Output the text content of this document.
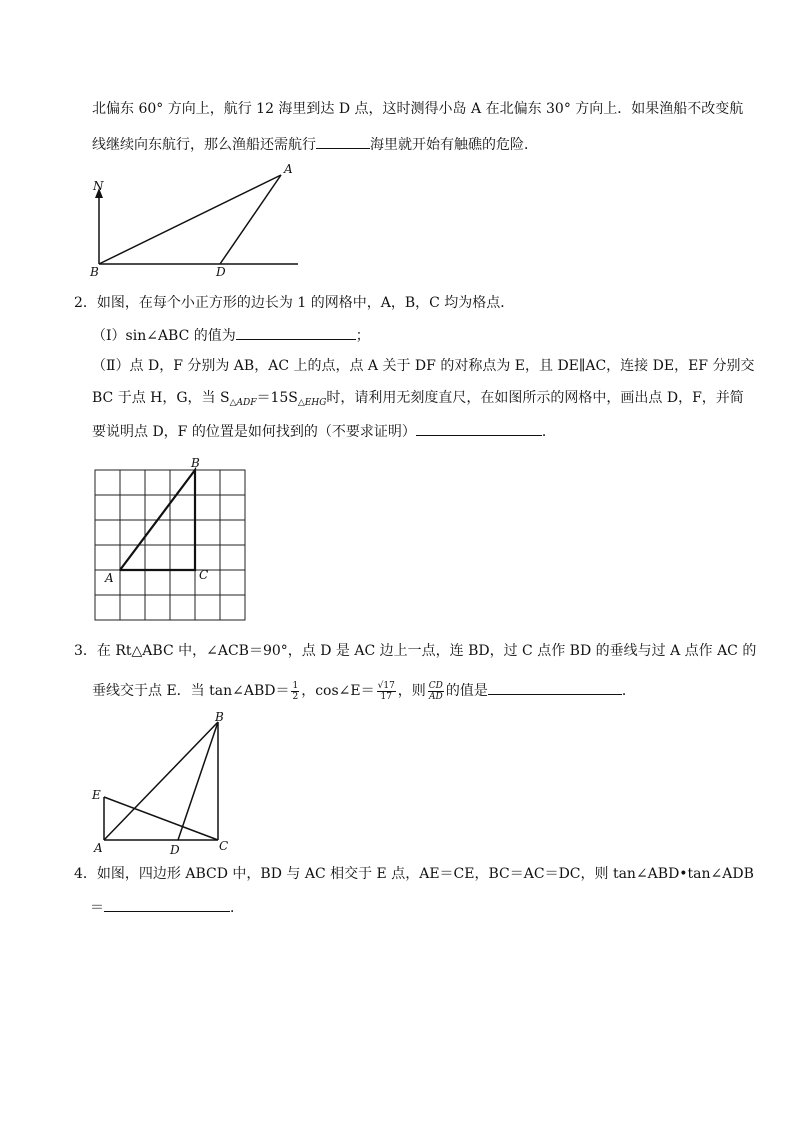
北偏东 60° 方向上，航行 12 海里到达 D 点，这时测得小岛 A 在北偏东 30° 方向上．如果渔船不改变航
线继续向东航行，那么渔船还需航行	海里就开始有触礁的危险．
N
A
B	D
2．如图，在每个小正方形的边长为 1 的网格中，A，B，C 均为格点．
（Ⅰ）sin∠ABC 的值为	；
（Ⅱ）点 D，F 分别为 AB，AC 上的点，点 A 关于 DF 的对称点为 E，且 DE∥AC，连接 DE，EF 分别交
BC 于点 H，G，当 $S_{\triangle ADF}=15S_{\triangle EHG}$时，请利用无刻度直尺，在如图所示的网格中，画出点 D，F，并简
要说明点 D，F 的位置是如何找到的（不要求证明）	．
B
A	C
3．在 Rt△ABC 中，∠ACB＝90°，点 D 是 AC 边上一点，连 BD，过 C 点作 BD 的垂线与过 A 点作 AC 的
垂线交于点 E．当 tan∠ABD＝ $\frac{1}{2}$ ，cos∠E＝ $\frac{√17}{17}$ ，则 $\frac{CD}{AD}$ 的值是	．
B
E
A	D	C
4．如图，四边形 ABCD 中，BD 与 AC 相交于 E 点，AE＝CE，BC＝AC＝DC，则 tan∠ABD•tan∠ADB
＝	．
